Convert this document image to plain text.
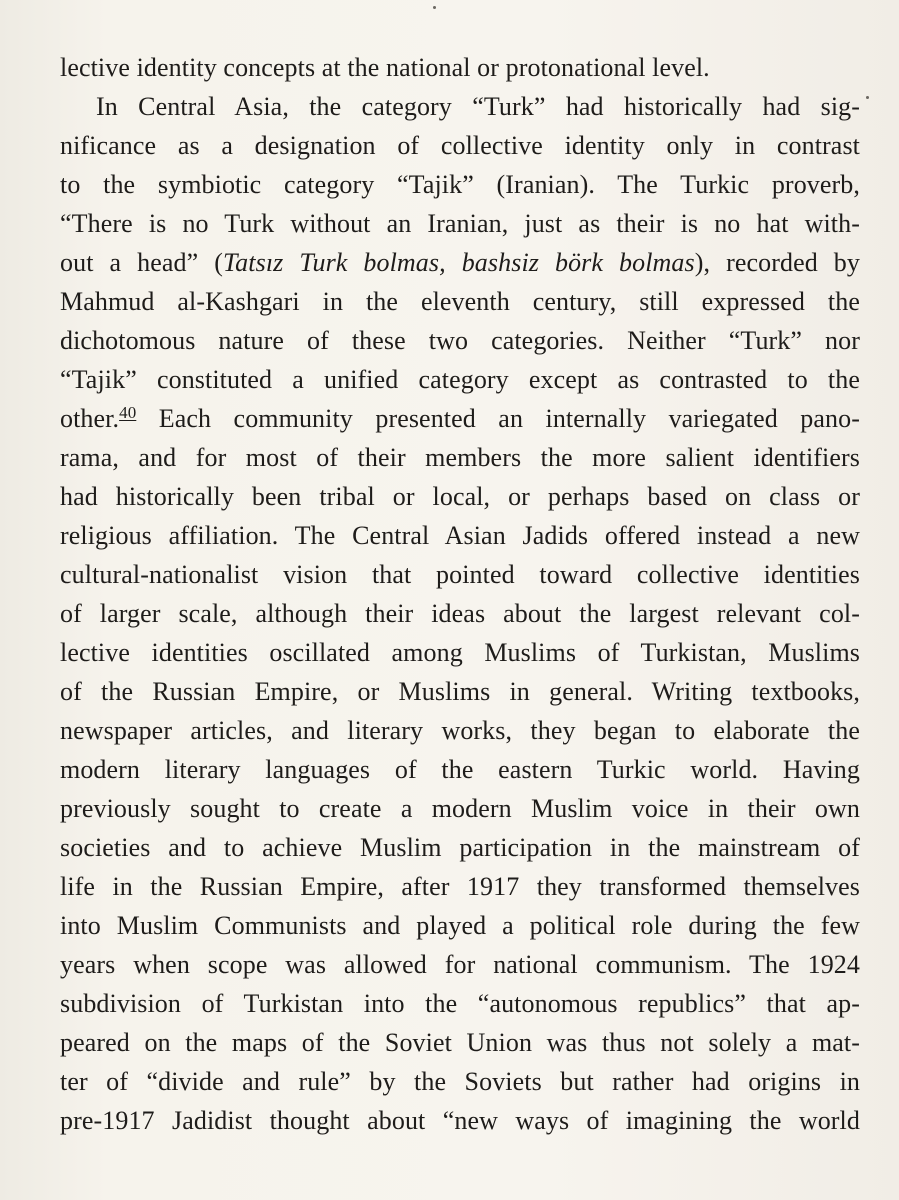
lective identity concepts at the national or protonational level.
In Central Asia, the category “Turk” had historically had sig-
nificance as a designation of collective identity only in contrast
to the symbiotic category “Tajik” (Iranian). The Turkic proverb,
“There is no Turk without an Iranian, just as their is no hat with-
out a head” (Tatsız Turk bolmas, bashsiz börk bolmas), recorded by
Mahmud al-Kashgari in the eleventh century, still expressed the
dichotomous nature of these two categories. Neither “Turk” nor
“Tajik” constituted a unified category except as contrasted to the
other.$^{40}$ Each community presented an internally variegated pano-
rama, and for most of their members the more salient identifiers
had historically been tribal or local, or perhaps based on class or
religious affiliation. The Central Asian Jadids offered instead a new
cultural-nationalist vision that pointed toward collective identities
of larger scale, although their ideas about the largest relevant col-
lective identities oscillated among Muslims of Turkistan, Muslims
of the Russian Empire, or Muslims in general. Writing textbooks,
newspaper articles, and literary works, they began to elaborate the
modern literary languages of the eastern Turkic world. Having
previously sought to create a modern Muslim voice in their own
societies and to achieve Muslim participation in the mainstream of
life in the Russian Empire, after 1917 they transformed themselves
into Muslim Communists and played a political role during the few
years when scope was allowed for national communism. The 1924
subdivision of Turkistan into the “autonomous republics” that ap-
peared on the maps of the Soviet Union was thus not solely a mat-
ter of “divide and rule” by the Soviets but rather had origins in
pre-1917 Jadidist thought about “new ways of imagining the world
